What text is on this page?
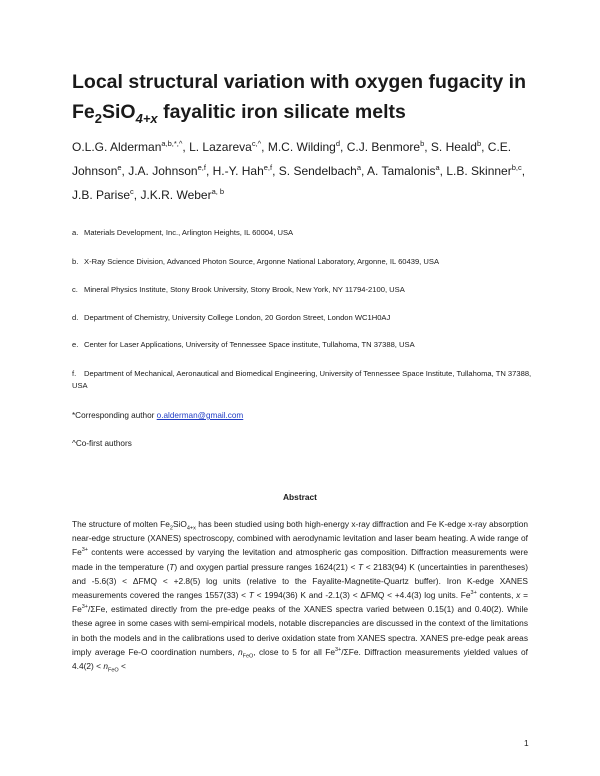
Local structural variation with oxygen fugacity in
$Fe_2SiO_{4+x}$ fayalitic iron silicate melts

O.L.G. Alderman$^{a,b,*,\^{}}$, L. Lazareva$^{c,\^{}}$, M.C. Wilding$^d$, C.J. Benmore$^b$, S. Heald$^b$, C.E. Johnson$^e$, J.A. Johnson$^{e,f}$, H.-Y. Hah$^{e,f}$, S. Sendelbach$^a$, A. Tamalonis$^a$, L.B. Skinner$^{b,c}$, J.B. Parise$^c$, J.K.R. Weber$^{a, b}$

a. Materials Development, Inc., Arlington Heights, IL 60004, USA

b. X-Ray Science Division, Advanced Photon Source, Argonne National Laboratory, Argonne, IL 60439, USA

c. Mineral Physics Institute, Stony Brook University, Stony Brook, New York, NY 11794-2100, USA

d. Department of Chemistry, University College London, 20 Gordon Street, London WC1H0AJ

e. Center for Laser Applications, University of Tennessee Space institute, Tullahoma, TN 37388, USA

f. Department of Mechanical, Aeronautical and Biomedical Engineering, University of Tennessee Space Institute, Tullahoma, TN 37388, USA

*Corresponding author o.alderman@gmail.com

^Co-first authors

Abstract

The structure of molten $Fe_2SiO_{4+x}$ has been studied using both high-energy x-ray diffraction and Fe K-edge x-ray absorption near-edge structure (XANES) spectroscopy, combined with aerodynamic levitation and laser beam heating. A wide range of $Fe^{3+}$ contents were accessed by varying the levitation and atmospheric gas composition. Diffraction measurements were made in the temperature (T) and oxygen partial pressure ranges 1624(21) < T < 2183(94) K (uncertainties in parentheses) and -5.6(3) < ΔFMQ < +2.8(5) log units (relative to the Fayalite-Magnetite-Quartz buffer). Iron K-edge XANES measurements covered the ranges 1557(33) < T < 1994(36) K and -2.1(3) < ΔFMQ < +4.4(3) log units. $Fe^{3+}$ contents, $x = Fe^{3+}$/ΣFe, estimated directly from the pre-edge peaks of the XANES spectra varied between 0.15(1) and 0.40(2). While these agree in some cases with semi-empirical models, notable discrepancies are discussed in the context of the limitations in both the models and in the calibrations used to derive oxidation state from XANES spectra. XANES pre-edge peak areas imply average Fe-O coordination numbers, $n_{FeO}$, close to 5 for all $Fe^{3+}$/ΣFe. Diffraction measurements yielded values of $4.4(2) < n_{FeO}$ <

1
